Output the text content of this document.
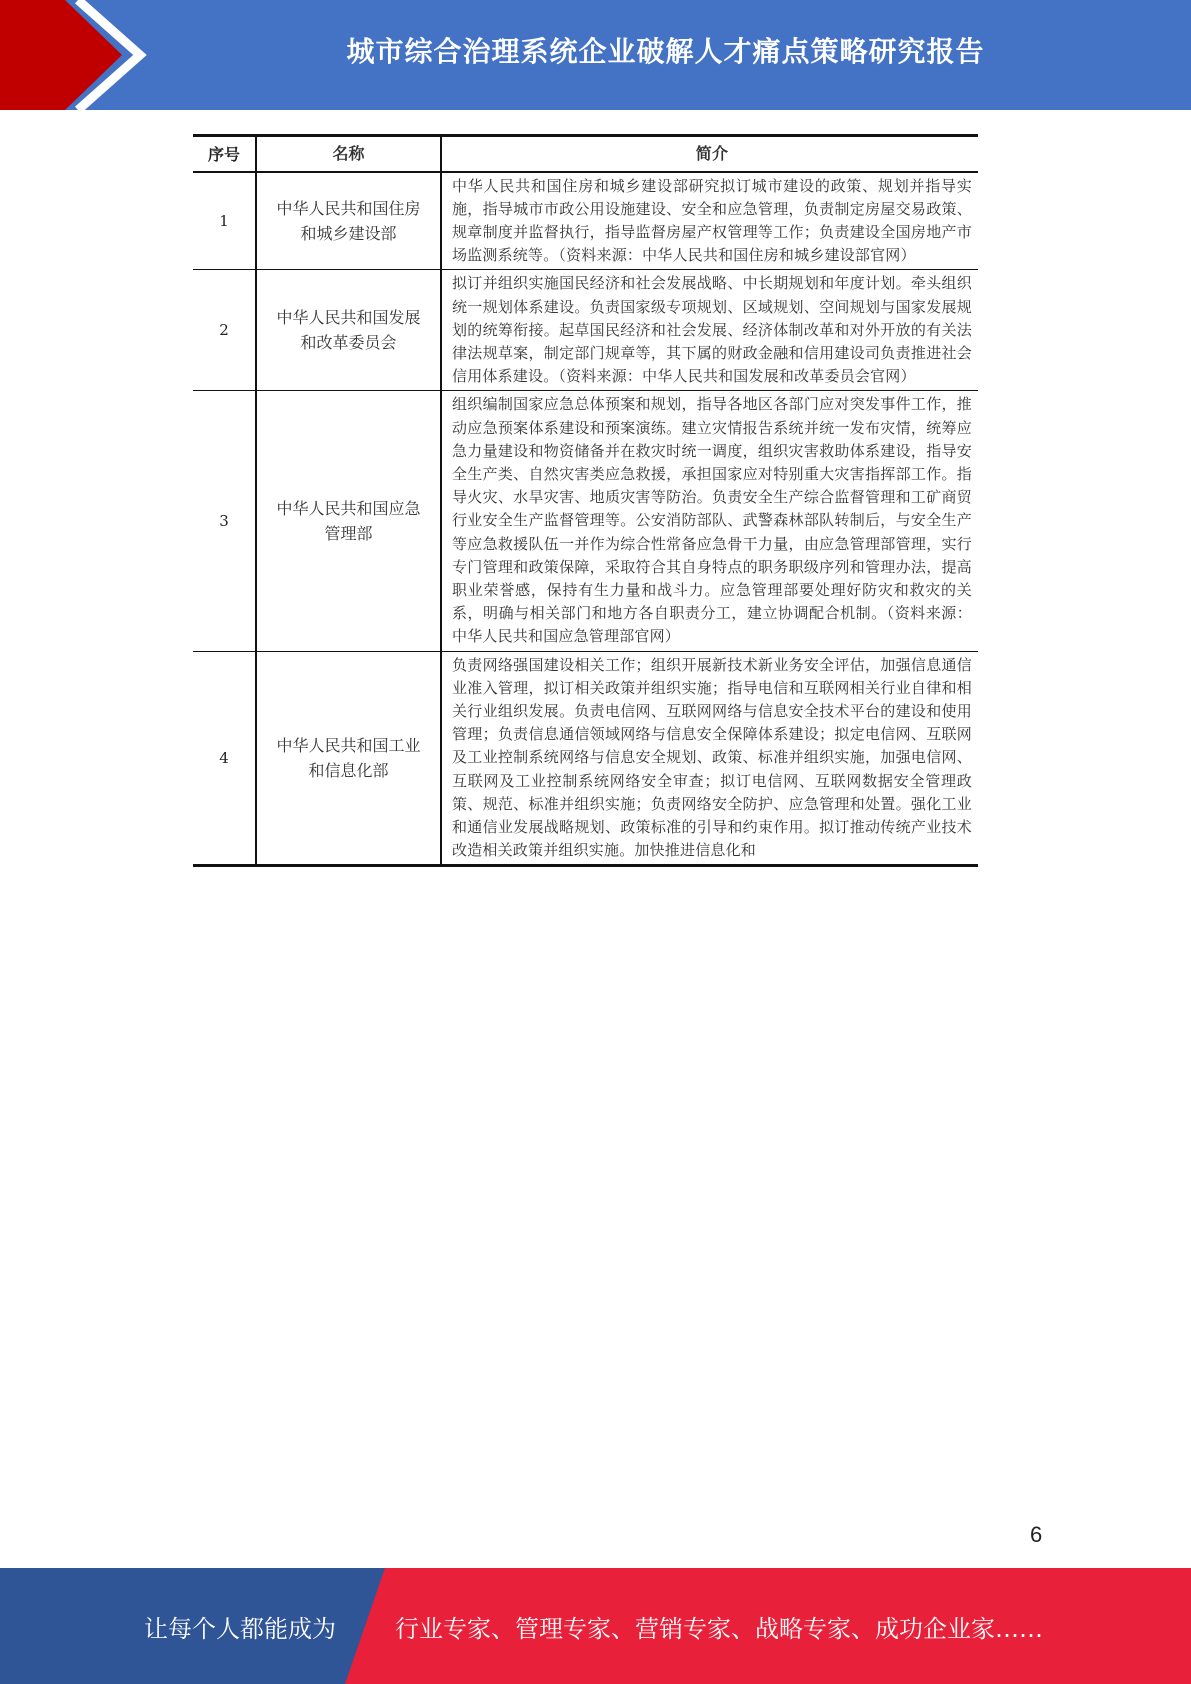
城市综合治理系统企业破解人才痛点策略研究报告
序号	名称	简介
1	中华人民共和国住房和城乡建设部	中华人民共和国住房和城乡建设部研究拟订城市建设的政策、规划并指导实施，指导城市市政公用设施建设、安全和应急管理，负责制定房屋交易政策、规章制度并监督执行，指导监督房屋产权管理等工作；负责建设全国房地产市场监测系统等。（资料来源：中华人民共和国住房和城乡建设部官网）
2	中华人民共和国发展和改革委员会	拟订并组织实施国民经济和社会发展战略、中长期规划和年度计划。牵头组织统一规划体系建设。负责国家级专项规划、区域规划、空间规划与国家发展规划的统筹衔接。起草国民经济和社会发展、经济体制改革和对外开放的有关法律法规草案，制定部门规章等，其下属的财政金融和信用建设司负责推进社会信用体系建设。（资料来源：中华人民共和国发展和改革委员会官网）
3	中华人民共和国应急管理部	组织编制国家应急总体预案和规划，指导各地区各部门应对突发事件工作，推动应急预案体系建设和预案演练。建立灾情报告系统并统一发布灾情，统筹应急力量建设和物资储备并在救灾时统一调度，组织灾害救助体系建设，指导安全生产类、自然灾害类应急救援，承担国家应对特别重大灾害指挥部工作。指导火灾、水旱灾害、地质灾害等防治。负责安全生产综合监督管理和工矿商贸行业安全生产监督管理等。公安消防部队、武警森林部队转制后，与安全生产等应急救援队伍一并作为综合性常备应急骨干力量，由应急管理部管理，实行专门管理和政策保障，采取符合其自身特点的职务职级序列和管理办法，提高职业荣誉感，保持有生力量和战斗力。应急管理部要处理好防灾和救灾的关系，明确与相关部门和地方各自职责分工，建立协调配合机制。（资料来源：中华人民共和国应急管理部官网）
4	中华人民共和国工业和信息化部	负责网络强国建设相关工作；组织开展新技术新业务安全评估，加强信息通信业准入管理，拟订相关政策并组织实施；指导电信和互联网相关行业自律和相关行业组织发展。负责电信网、互联网网络与信息安全技术平台的建设和使用管理；负责信息通信领域网络与信息安全保障体系建设；拟定电信网、互联网及工业控制系统网络与信息安全规划、政策、标准并组织实施，加强电信网、互联网及工业控制系统网络安全审查；拟订电信网、互联网数据安全管理政策、规范、标准并组织实施；负责网络安全防护、应急管理和处置。强化工业和通信业发展战略规划、政策标准的引导和约束作用。拟订推动传统产业技术改造相关政策并组织实施。加快推进信息化和
6
让每个人都能成为	行业专家、管理专家、营销专家、战略专家、成功企业家……
